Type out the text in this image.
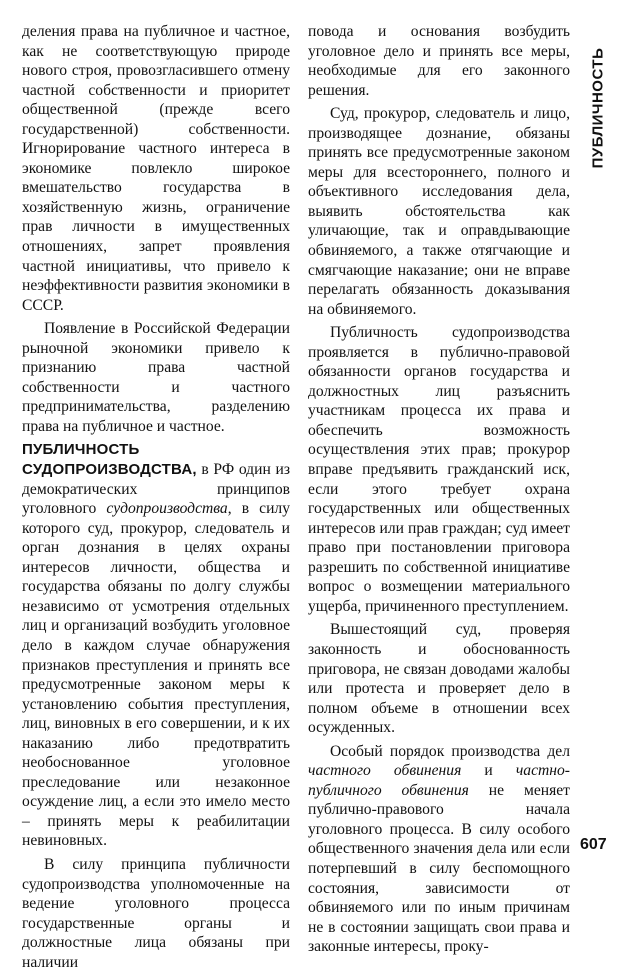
ПУБЛИЧНОСТЬ

деления права на публичное и частное, как не соответствующую природе нового строя, провозгласившего отмену частной собственности и приоритет общественной (прежде всего государственной) собственности. Игнорирование частного интереса в экономике повлекло широкое вмешательство государства в хозяйственную жизнь, ограничение прав личности в имущественных отношениях, запрет проявления частной инициативы, что привело к неэффективности развития экономики в СССР.

Появление в Российской Федерации рыночной экономики привело к признанию права частной собственности и частного предпринимательства, разделению права на публичное и частное.

ПУБЛИЧНОСТЬ СУДОПРОИЗВОДСТВА, в РФ один из демократических принципов уголовного судопроизводства, в силу которого суд, прокурор, следователь и орган дознания в целях охраны интересов личности, общества и государства обязаны по долгу службы независимо от усмотрения отдельных лиц и организаций возбудить уголовное дело в каждом случае обнаружения признаков преступления и принять все предусмотренные законом меры к установлению события преступления, лиц, виновных в его совершении, и к их наказанию либо предотвратить необоснованное уголовное преследование или незаконное осуждение лиц, а если это имело место – принять меры к реабилитации невиновных.

В силу принципа публичности судопроизводства уполномоченные на ведение уголовного процесса государственные органы и должностные лица обязаны при наличии

повода и основания возбудить уголовное дело и принять все меры, необходимые для его законного решения.

Суд, прокурор, следователь и лицо, производящее дознание, обязаны принять все предусмотренные законом меры для всестороннего, полного и объективного исследования дела, выявить обстоятельства как уличающие, так и оправдывающие обвиняемого, а также отягчающие и смягчающие наказание; они не вправе перелагать обязанность доказывания на обвиняемого.

Публичность судопроизводства проявляется в публично-правовой обязанности органов государства и должностных лиц разъяснить участникам процесса их права и обеспечить возможность осуществления этих прав; прокурор вправе предъявить гражданский иск, если этого требует охрана государственных или общественных интересов или прав граждан; суд имеет право при постановлении приговора разрешить по собственной инициативе вопрос о возмещении материального ущерба, причиненного преступлением.

Вышестоящий суд, проверяя законность и обоснованность приговора, не связан доводами жалобы или протеста и проверяет дело в полном объеме в отношении всех осужденных.

Особый порядок производства дел частного обвинения и частно-публичного обвинения не меняет публично-правового начала уголовного процесса. В силу особого общественного значения дела или если потерпевший в силу беспомощного состояния, зависимости от обвиняемого или по иным причинам не в состоянии защищать свои права и законные интересы, проку-

607
